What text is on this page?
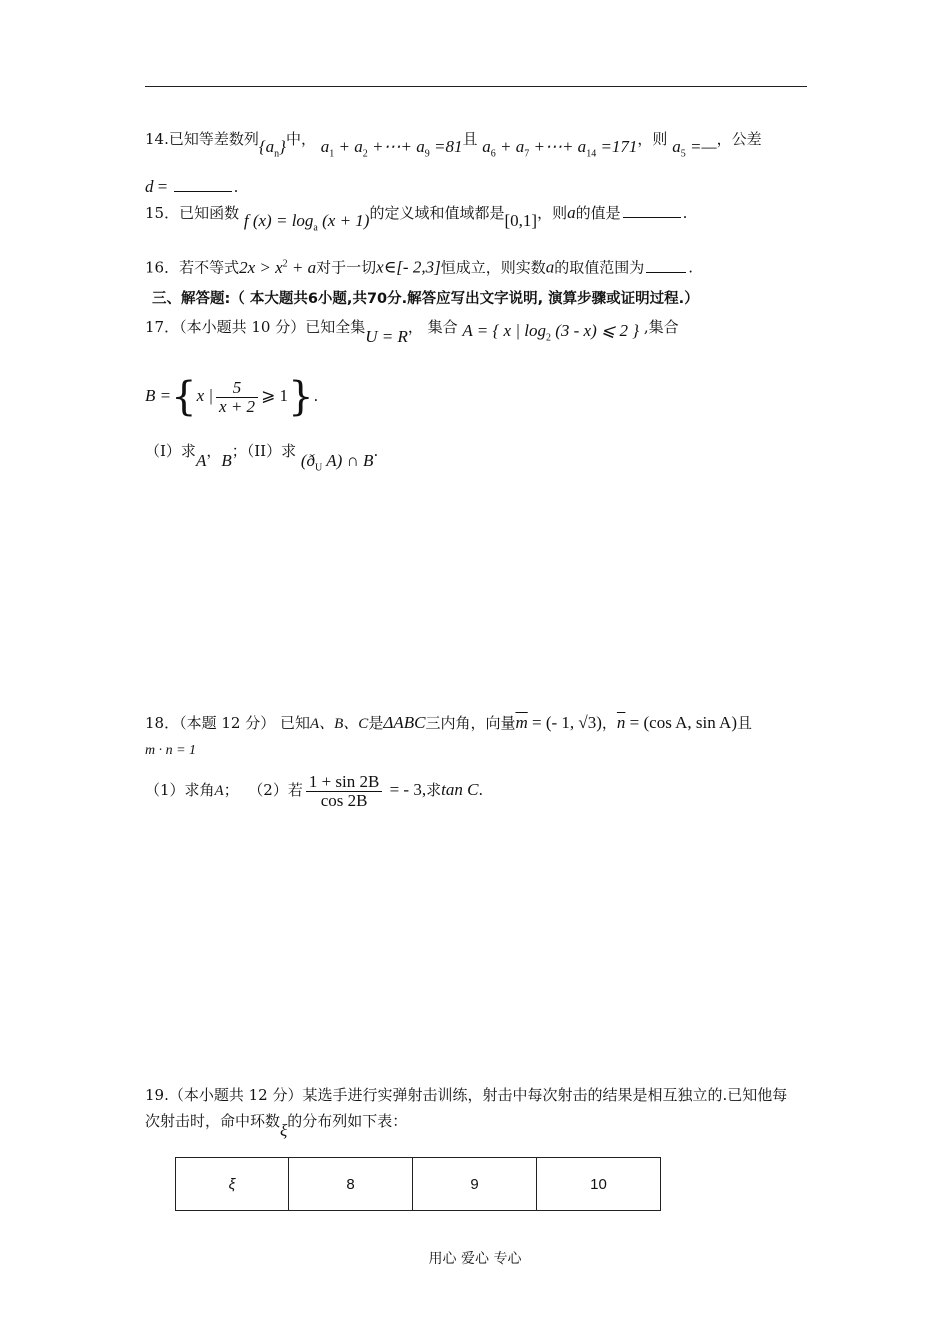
14.已知等差数列$\{a_n\}$中， $a_1 + a_2$ +⋯+ $a_9 =81$且 $a_6 + a_7$ +⋯+ $a_{14} =171$，则 $a_5$ =—，公差
d =	.
15．已知函数 f $(x) = \log_a (x + 1)$的定义域和值域都是[0,1]，则a的值是	.
16．若不等式$2x > x^2 + a$对于一切x∈[- 2,3]恒成立，则实数a的取值范围为	.
三、解答题:（ 本大题共6小题,共70分.解答应写出文字说明, 演算步骤或证明过程.）
17．（本小题共 10 分）已知全集U = R， 集合 A = { x | $\log_2 (3 - x)$ ⩽ 2 } ,集合
B ={x | $\frac{5}{x + 2}$ ⩾ 1}.
（I）求A，B；（II）求 ($ð_U$ A) ∩ B.
18．（本题 12 分） 已知A、B、C是ΔABC三内角，向量$\overline{m}$ = (- 1, √3)，$\overline{n} = (\cos$ A, sin A)且
m · n = 1
（1）求角A； （2）若 $\frac{1 + \sin 2B}{\cos 2B}$ = - 3,求tan C.
19.（本小题共 12 分）某选手进行实弹射击训练，射击中每次射击的结果是相互独立的.已知他每
次射击时，命中环数ξ的分布列如下表：
ξ	8	9	10
用心 爱心 专心
